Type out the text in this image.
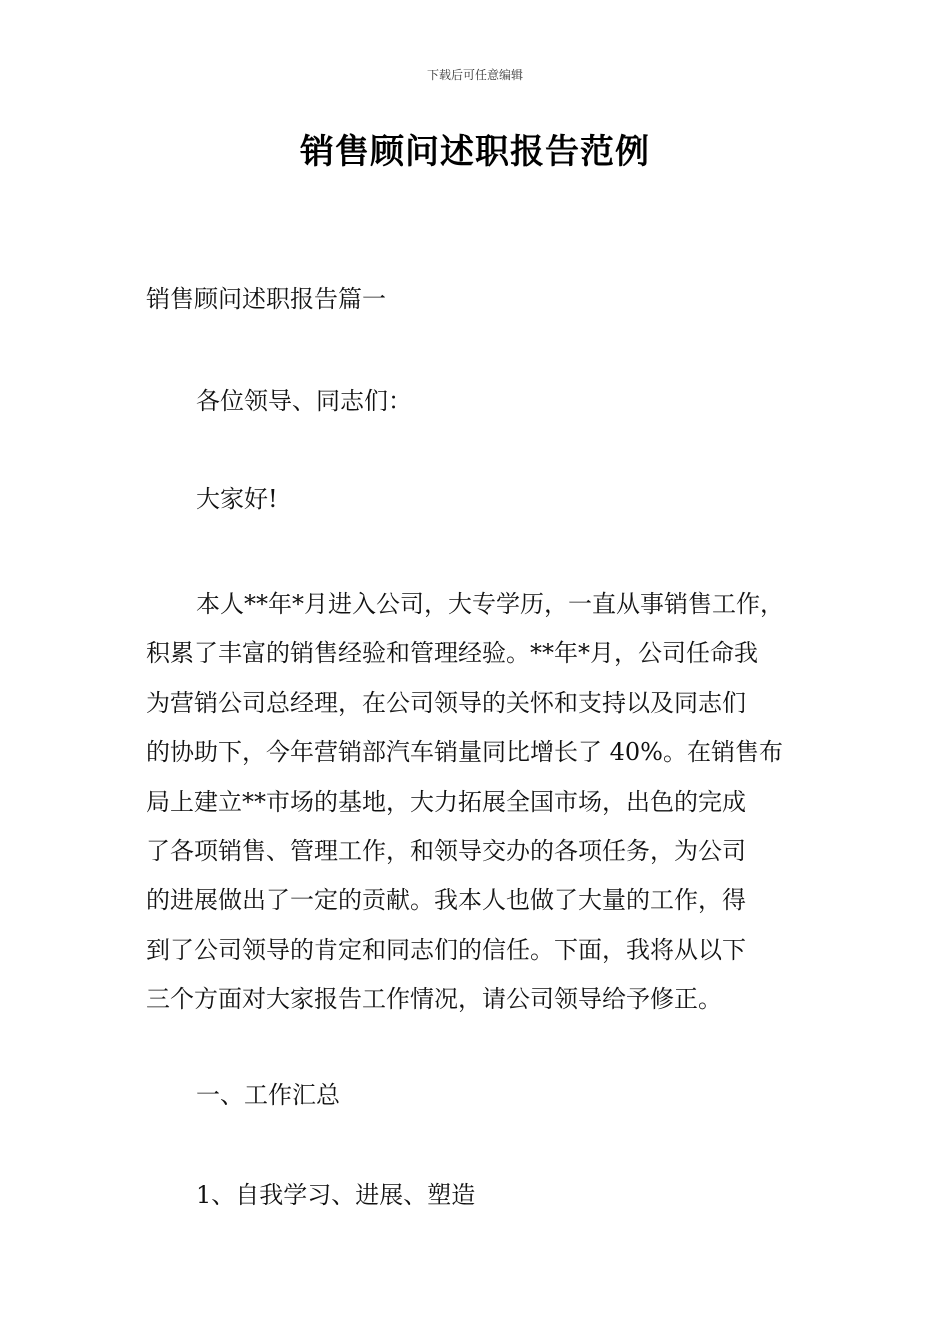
下载后可任意编辑
销售顾问述职报告范例
销售顾问述职报告篇一
各位领导、同志们：
大家好!
本人**年*月进入公司，大专学历，一直从事销售工作，
积累了丰富的销售经验和管理经验。**年*月，公司任命我
为营销公司总经理，在公司领导的关怀和支持以及同志们
的协助下，今年营销部汽车销量同比增长了 40%。在销售布
局上建立**市场的基地，大力拓展全国市场，出色的完成
了各项销售、管理工作，和领导交办的各项任务，为公司
的进展做出了一定的贡献。我本人也做了大量的工作，得
到了公司领导的肯定和同志们的信任。下面，我将从以下
三个方面对大家报告工作情况，请公司领导给予修正。
一、工作汇总
1、自我学习、进展、塑造
